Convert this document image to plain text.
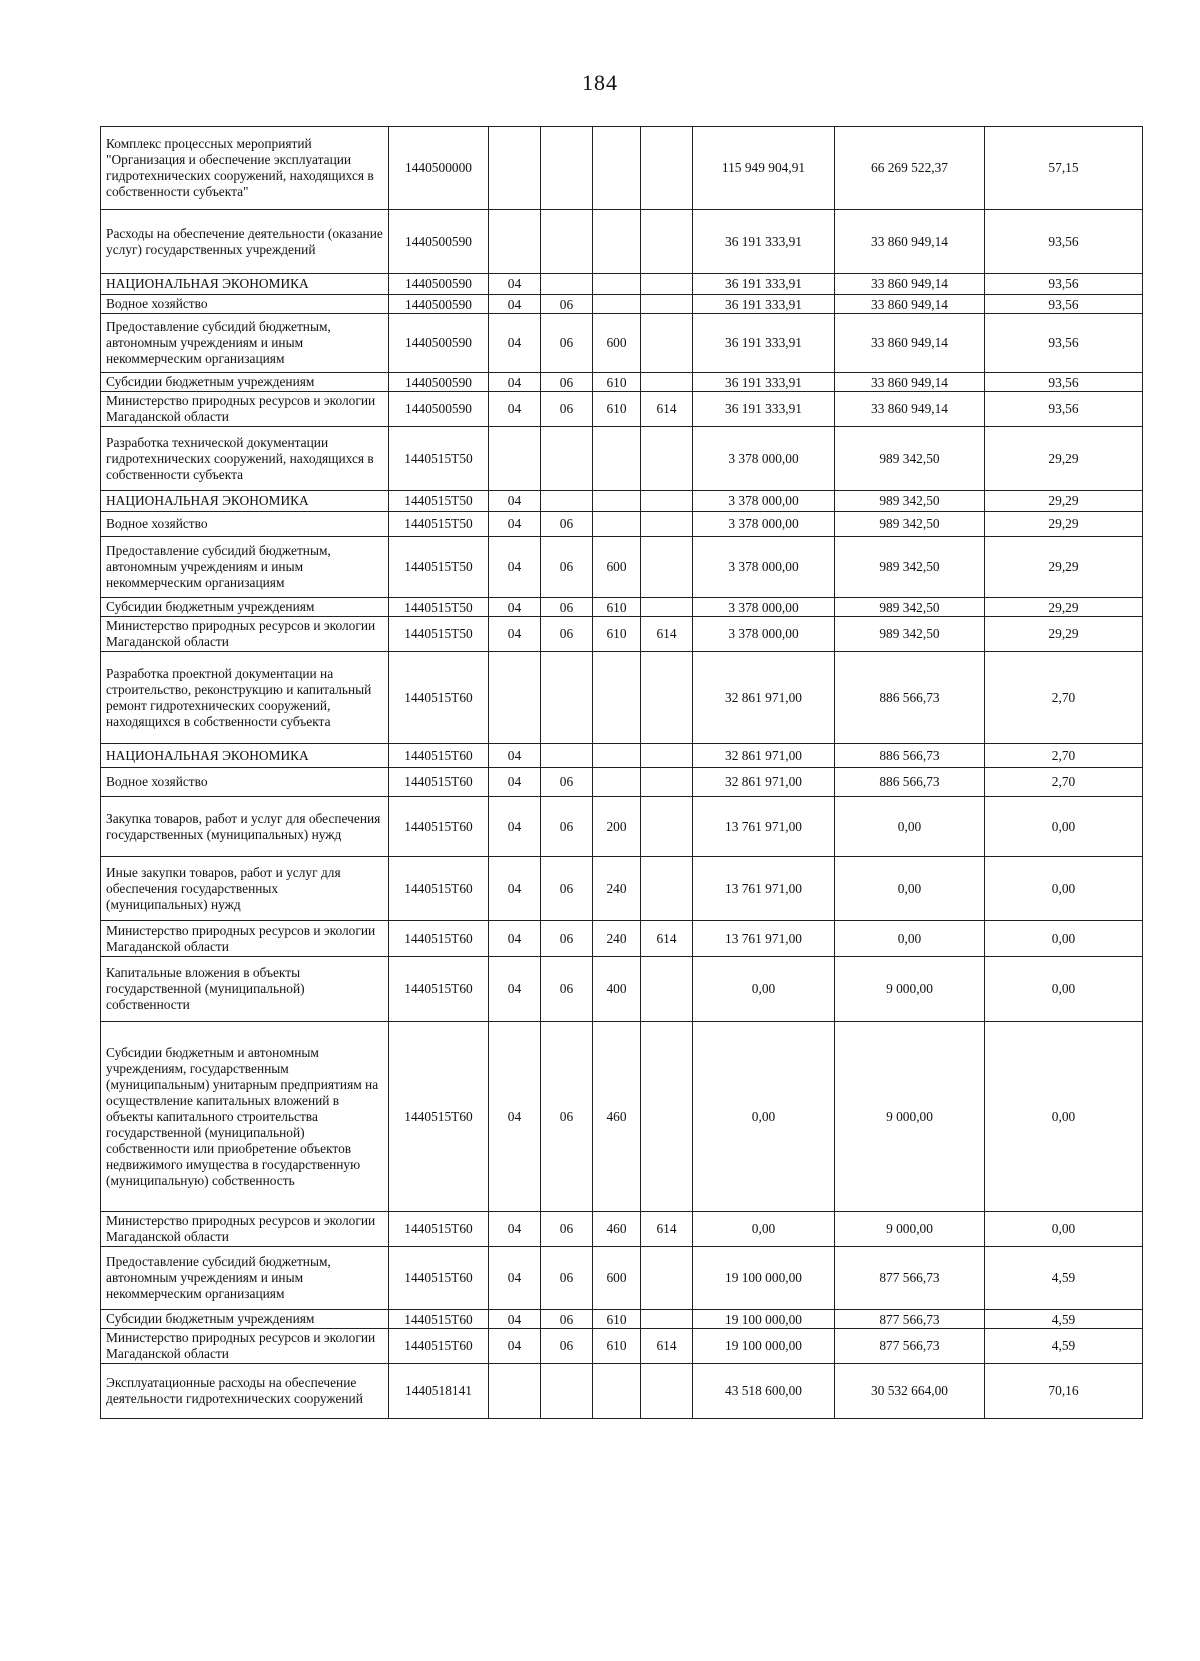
184
Комплекс процессных мероприятий "Организация и обеспечение эксплуатации гидротехнических сооружений, находящихся в собственности субъекта"	1440500000					115 949 904,91	66 269 522,37	57,15
Расходы на обеспечение деятельности (оказание услуг) государственных учреждений	1440500590					36 191 333,91	33 860 949,14	93,56
НАЦИОНАЛЬНАЯ ЭКОНОМИКА	1440500590	04				36 191 333,91	33 860 949,14	93,56
Водное хозяйство	1440500590	04	06			36 191 333,91	33 860 949,14	93,56
Предоставление субсидий бюджетным, автономным учреждениям и иным некоммерческим организациям	1440500590	04	06	600		36 191 333,91	33 860 949,14	93,56
Субсидии бюджетным учреждениям	1440500590	04	06	610		36 191 333,91	33 860 949,14	93,56
Министерство природных ресурсов и экологии Магаданской области	1440500590	04	06	610	614	36 191 333,91	33 860 949,14	93,56
Разработка технической документации гидротехнических сооружений, находящихся в собственности субъекта	1440515Т50					3 378 000,00	989 342,50	29,29
НАЦИОНАЛЬНАЯ ЭКОНОМИКА	1440515Т50	04				3 378 000,00	989 342,50	29,29
Водное хозяйство	1440515Т50	04	06			3 378 000,00	989 342,50	29,29
Предоставление субсидий бюджетным, автономным учреждениям и иным некоммерческим организациям	1440515Т50	04	06	600		3 378 000,00	989 342,50	29,29
Субсидии бюджетным учреждениям	1440515Т50	04	06	610		3 378 000,00	989 342,50	29,29
Министерство природных ресурсов и экологии Магаданской области	1440515Т50	04	06	610	614	3 378 000,00	989 342,50	29,29
Разработка проектной документации на строительство, реконструкцию и капитальный ремонт гидротехнических сооружений, находящихся в собственности субъекта	1440515Т60					32 861 971,00	886 566,73	2,70
НАЦИОНАЛЬНАЯ ЭКОНОМИКА	1440515Т60	04				32 861 971,00	886 566,73	2,70
Водное хозяйство	1440515Т60	04	06			32 861 971,00	886 566,73	2,70
Закупка товаров, работ и услуг для обеспечения государственных (муниципальных) нужд	1440515Т60	04	06	200		13 761 971,00	0,00	0,00
Иные закупки товаров, работ и услуг для обеспечения государственных (муниципальных) нужд	1440515Т60	04	06	240		13 761 971,00	0,00	0,00
Министерство природных ресурсов и экологии Магаданской области	1440515Т60	04	06	240	614	13 761 971,00	0,00	0,00
Капитальные вложения в объекты государственной (муниципальной) собственности	1440515Т60	04	06	400		0,00	9 000,00	0,00
Субсидии бюджетным и автономным учреждениям, государственным (муниципальным) унитарным предприятиям на осуществление капитальных вложений в объекты капитального строительства государственной (муниципальной) собственности или приобретение объектов недвижимого имущества в государственную (муниципальную) собственность	1440515Т60	04	06	460		0,00	9 000,00	0,00
Министерство природных ресурсов и экологии Магаданской области	1440515Т60	04	06	460	614	0,00	9 000,00	0,00
Предоставление субсидий бюджетным, автономным учреждениям и иным некоммерческим организациям	1440515Т60	04	06	600		19 100 000,00	877 566,73	4,59
Субсидии бюджетным учреждениям	1440515Т60	04	06	610		19 100 000,00	877 566,73	4,59
Министерство природных ресурсов и экологии Магаданской области	1440515Т60	04	06	610	614	19 100 000,00	877 566,73	4,59
Эксплуатационные расходы на обеспечение деятельности гидротехнических сооружений	1440518141					43 518 600,00	30 532 664,00	70,16
